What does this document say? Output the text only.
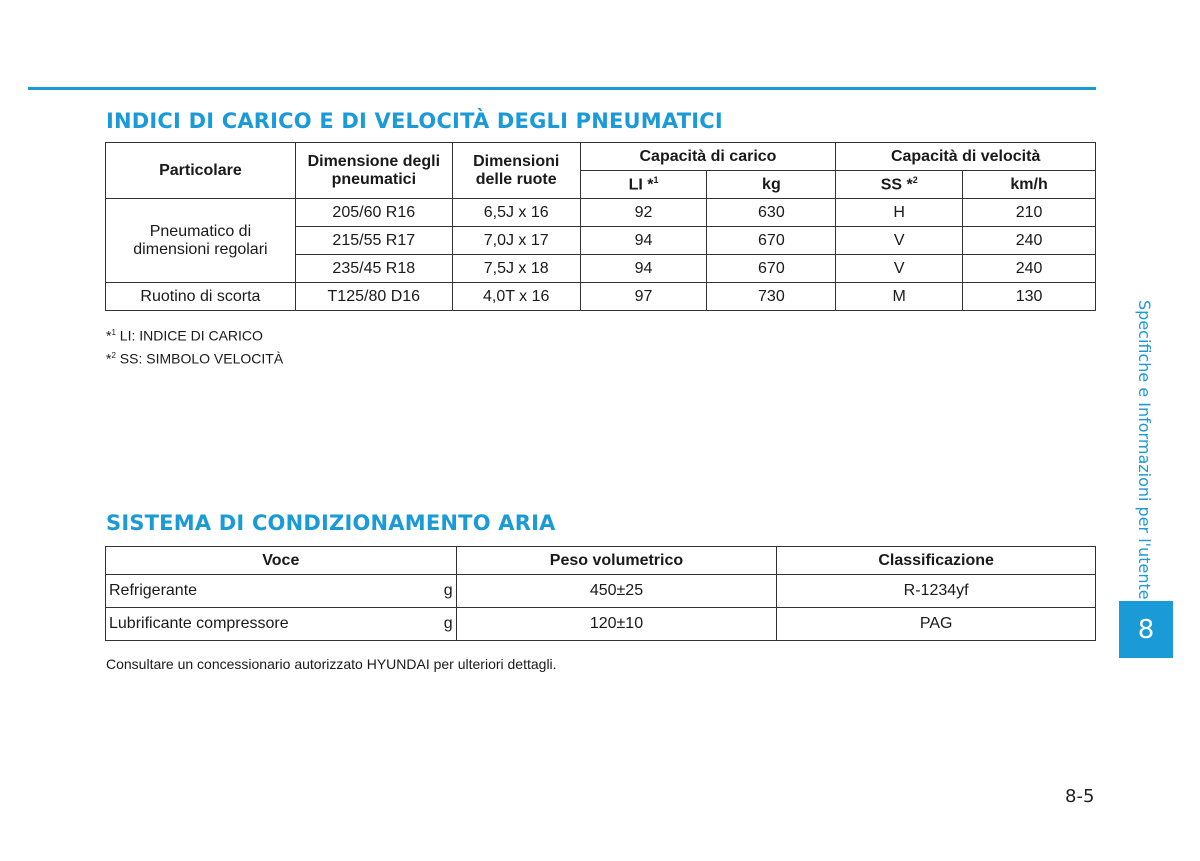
INDICI DI CARICO E DI VELOCITÀ DEGLI PNEUMATICI
Particolare	Dimensione degli pneumatici	Dimensioni delle ruote	Capacità di carico		Capacità di velocità	
			LI *$^1$	kg	SS *$^2$	km/h
Pneumatico di dimensioni regolari	205/60 R16	6,5J x 16	92	630	H	210
	215/55 R17	7,0J x 17	94	670	V	240
	235/45 R18	7,5J x 18	94	670	V	240
Ruotino di scorta	T125/80 D16	4,0T x 16	97	730	M	130
*$^1$ LI: INDICE DI CARICO
*$^2$ SS: SIMBOLO VELOCITÀ
SISTEMA DI CONDIZIONAMENTO ARIA
Voce	Peso volumetrico	Classificazione
Refrigerante g	450±25	R-1234yf
Lubrificante compressore g	120±10	PAG
Consultare un concessionario autorizzato HYUNDAI per ulteriori dettagli.
Specifiche e Informazioni per l'utente
8
8-5
